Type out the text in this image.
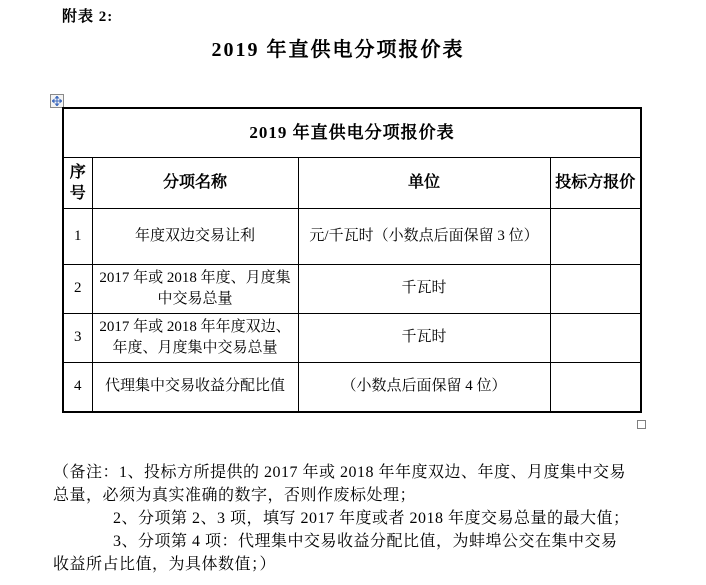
附表 2:
2019 年直供电分项报价表
2019 年直供电分项报价表			
序号	分项名称	单位	投标方报价
1	年度双边交易让利	元/千瓦时（小数点后面保留 3 位）	
2	2017 年或 2018 年度、月度集中交易总量	千瓦时	
3	2017 年或 2018 年年度双边、年度、月度集中交易总量	千瓦时	
4	代理集中交易收益分配比值	（小数点后面保留 4 位）	
（备注：1、投标方所提供的 2017 年或 2018 年年度双边、年度、月度集中交易
总量，必须为真实准确的数字，否则作废标处理；
2、分项第 2、3 项，填写 2017 年度或者 2018 年度交易总量的最大值；
3、分项第 4 项：代理集中交易收益分配比值，为蚌埠公交在集中交易
收益所占比值，为具体数值；）
